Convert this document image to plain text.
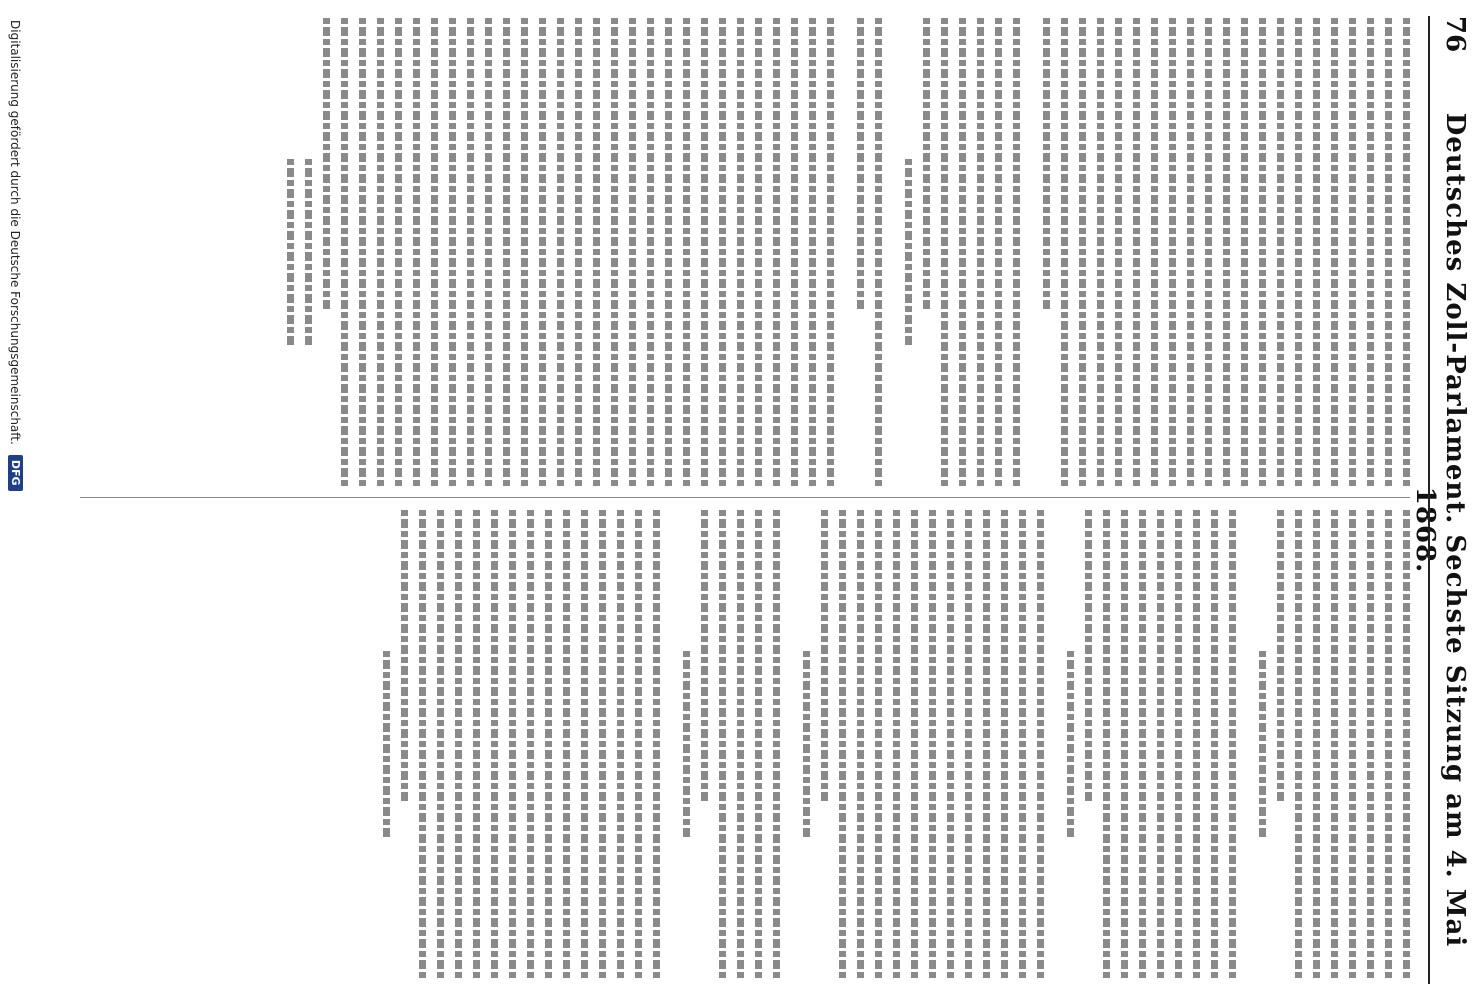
76
Deutsches Zoll-Parlament. Sechste Sitzung am 4. Mai 1868.
Digitalisierung gefördert durch die Deutsche Forschungsgemeinschaft.
DFG
